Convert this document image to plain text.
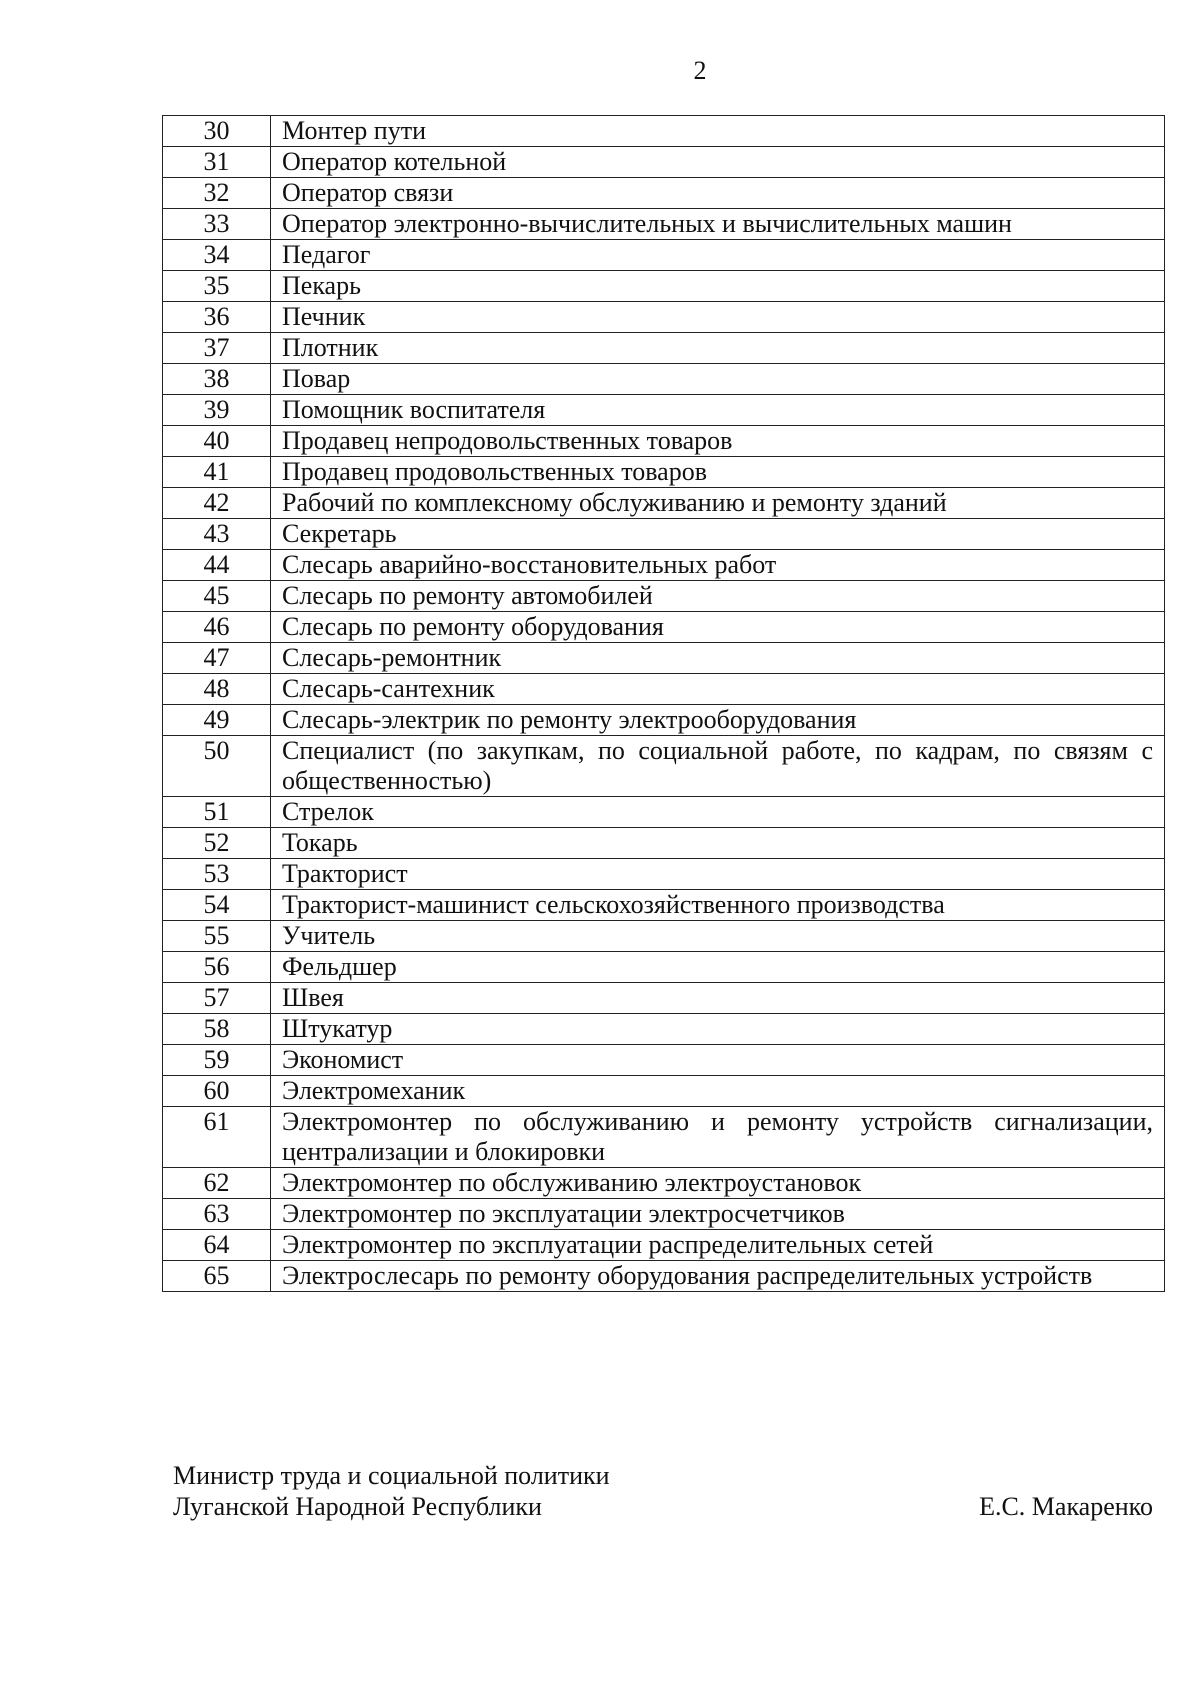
2
30	Монтер пути
31	Оператор котельной
32	Оператор связи
33	Оператор электронно-вычислительных и вычислительных машин
34	Педагог
35	Пекарь
36	Печник
37	Плотник
38	Повар
39	Помощник воспитателя
40	Продавец непродовольственных товаров
41	Продавец продовольственных товаров
42	Рабочий по комплексному обслуживанию и ремонту зданий
43	Секретарь
44	Слесарь аварийно-восстановительных работ
45	Слесарь по ремонту автомобилей
46	Слесарь по ремонту оборудования
47	Слесарь-ремонтник
48	Слесарь-сантехник
49	Слесарь-электрик по ремонту электрооборудования
50	Специалист (по закупкам, по социальной работе, по кадрам, по связям с общественностью)
51	Стрелок
52	Токарь
53	Тракторист
54	Тракторист-машинист сельскохозяйственного производства
55	Учитель
56	Фельдшер
57	Швея
58	Штукатур
59	Экономист
60	Электромеханик
61	Электромонтер по обслуживанию и ремонту устройств сигнализации, централизации и блокировки
62	Электромонтер по обслуживанию электроустановок
63	Электромонтер по эксплуатации электросчетчиков
64	Электромонтер по эксплуатации распределительных сетей
65	Электрослесарь по ремонту оборудования распределительных устройств
Министр труда и социальной политики
Луганской Народной Республики	Е.С. Макаренко
